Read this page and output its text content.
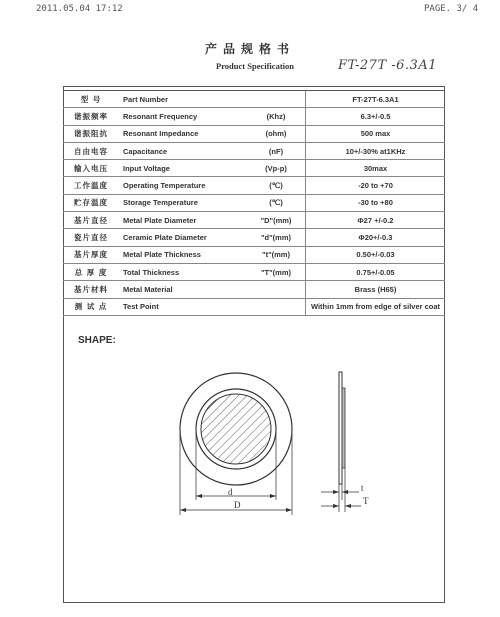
2011.05.04 17:12	PAGE. 3/ 4
产品规格书
Product Specification	FT-27T -6.3A1
型 号	Part Number		FT-27T-6.3A1
谐振频率	Resonant Frequency	(Khz)	6.3+/-0.5
谐振阻抗	Resonant Impedance	(ohm)	500 max
自由电容	Capacitance	(nF)	10+/-30% at1KHz
输入电压	Input Voltage	(Vp-p)	30max
工作温度	Operating Temperature	(℃)	-20 to +70
贮存温度	Storage Temperature	(℃)	-30 to +80
基片直径	Metal Plate Diameter	"D"(mm)	Φ27 +/-0.2
瓷片直径	Ceramic Plate Diameter	"d"(mm)	Φ20+/-0.3
基片厚度	Metal Plate Thickness	"t"(mm)	0.50+/-0.03
总 厚 度	Total Thickness	"T"(mm)	0.75+/-0.05
基片材料	Metal Material		Brass (H65)
测 试 点	Test Point		Within 1mm from edge of silver coat
SHAPE:
d
D
t
T
